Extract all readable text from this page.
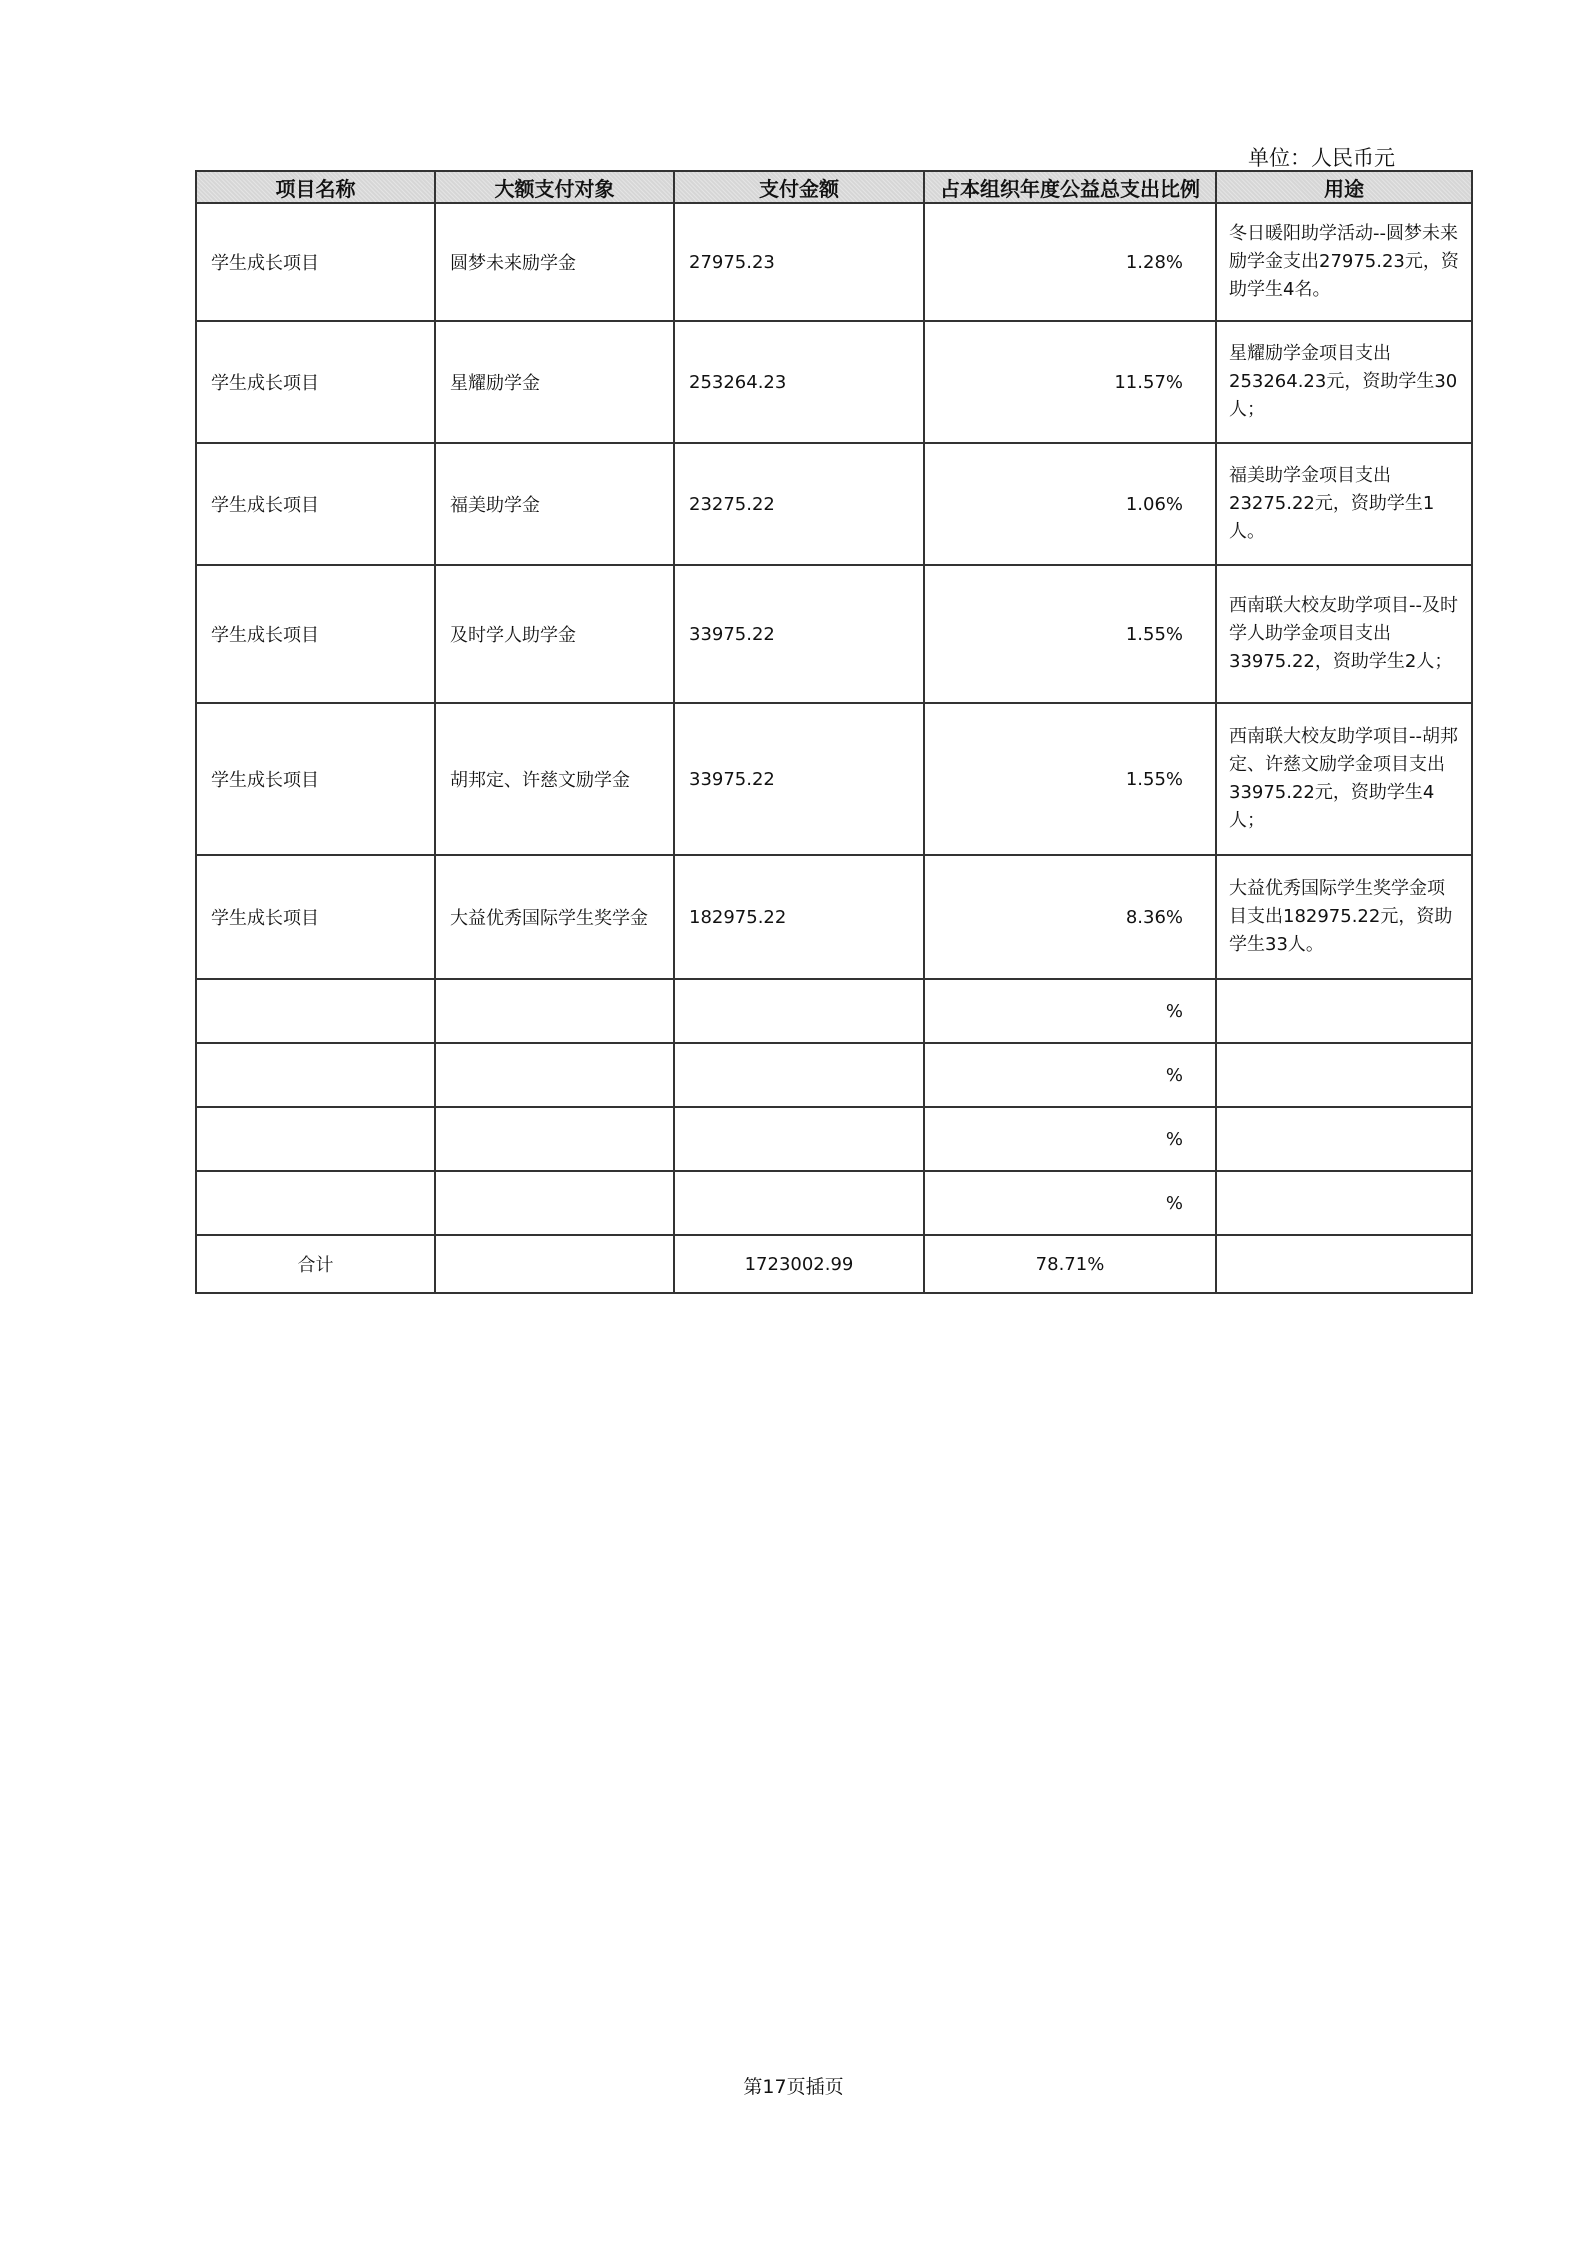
单位：人民币元
项目名称	大额支付对象	支付金额	占本组织年度公益总支出比例	用途
学生成长项目	圆梦未来励学金	27975.23	1.28%	冬日暖阳助学活动--圆梦未来励学金支出27975.23元，资助学生4名。
学生成长项目	星耀励学金	253264.23	11.57%	星耀励学金项目支出253264.23元，资助学生30人；
学生成长项目	福美助学金	23275.22	1.06%	福美助学金项目支出23275.22元，资助学生1人。
学生成长项目	及时学人助学金	33975.22	1.55%	西南联大校友助学项目--及时学人助学金项目支出33975.22，资助学生2人；
学生成长项目	胡邦定、许慈文励学金	33975.22	1.55%	西南联大校友助学项目--胡邦定、许慈文励学金项目支出33975.22元，资助学生4人；
学生成长项目	大益优秀国际学生奖学金	182975.22	8.36%	大益优秀国际学生奖学金项目支出182975.22元，资助学生33人。
			%	
			%	
			%	
			%	
合计		1723002.99	78.71%	
第17页插页
